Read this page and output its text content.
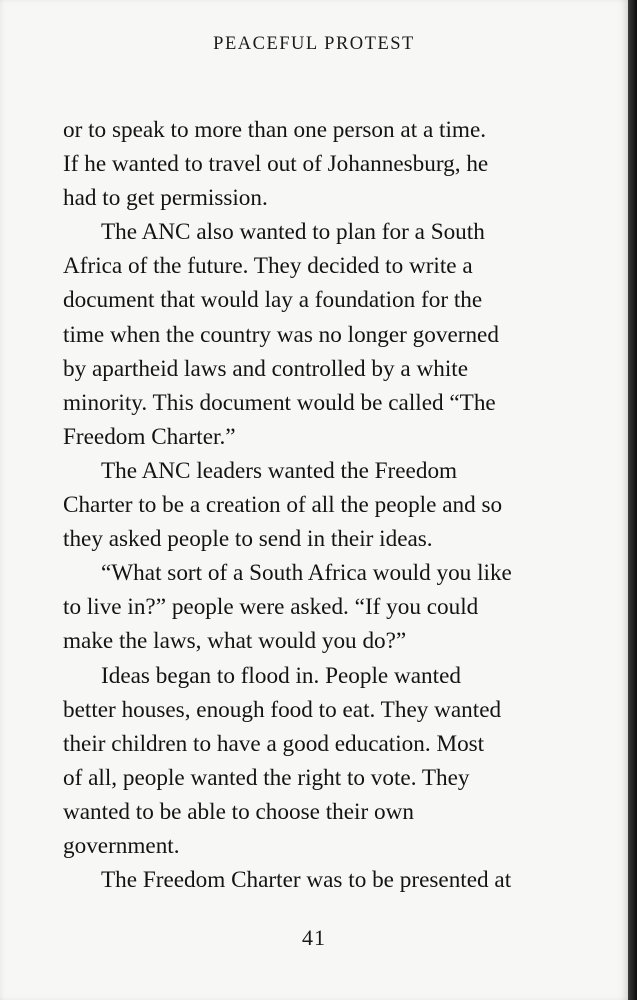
PEACEFUL PROTEST
or to speak to more than one person at a time.
If he wanted to travel out of Johannesburg, he
had to get permission.
The ANC also wanted to plan for a South
Africa of the future. They decided to write a
document that would lay a foundation for the
time when the country was no longer governed
by apartheid laws and controlled by a white
minority. This document would be called “The
Freedom Charter.”
The ANC leaders wanted the Freedom
Charter to be a creation of all the people and so
they asked people to send in their ideas.
“What sort of a South Africa would you like
to live in?” people were asked. “If you could
make the laws, what would you do?”
Ideas began to flood in. People wanted
better houses, enough food to eat. They wanted
their children to have a good education. Most
of all, people wanted the right to vote. They
wanted to be able to choose their own
government.
The Freedom Charter was to be presented at
41
